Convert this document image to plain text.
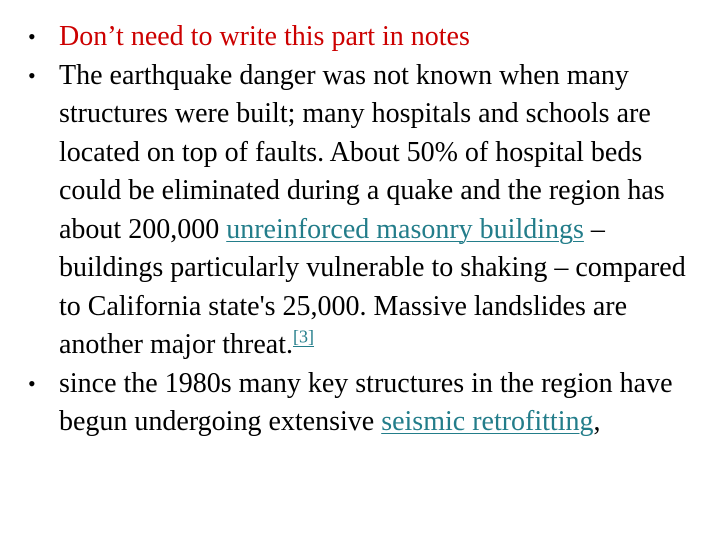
• Don’t need to write this part in notes
• The earthquake danger was not known when many structures were built; many hospitals and schools are located on top of faults. About 50% of hospital beds could be eliminated during a quake and the region has about 200,000 unreinforced masonry buildings – buildings particularly vulnerable to shaking – compared to California state's 25,000. Massive landslides are another major threat.[3]
• since the 1980s many key structures in the region have begun undergoing extensive seismic retrofitting,
